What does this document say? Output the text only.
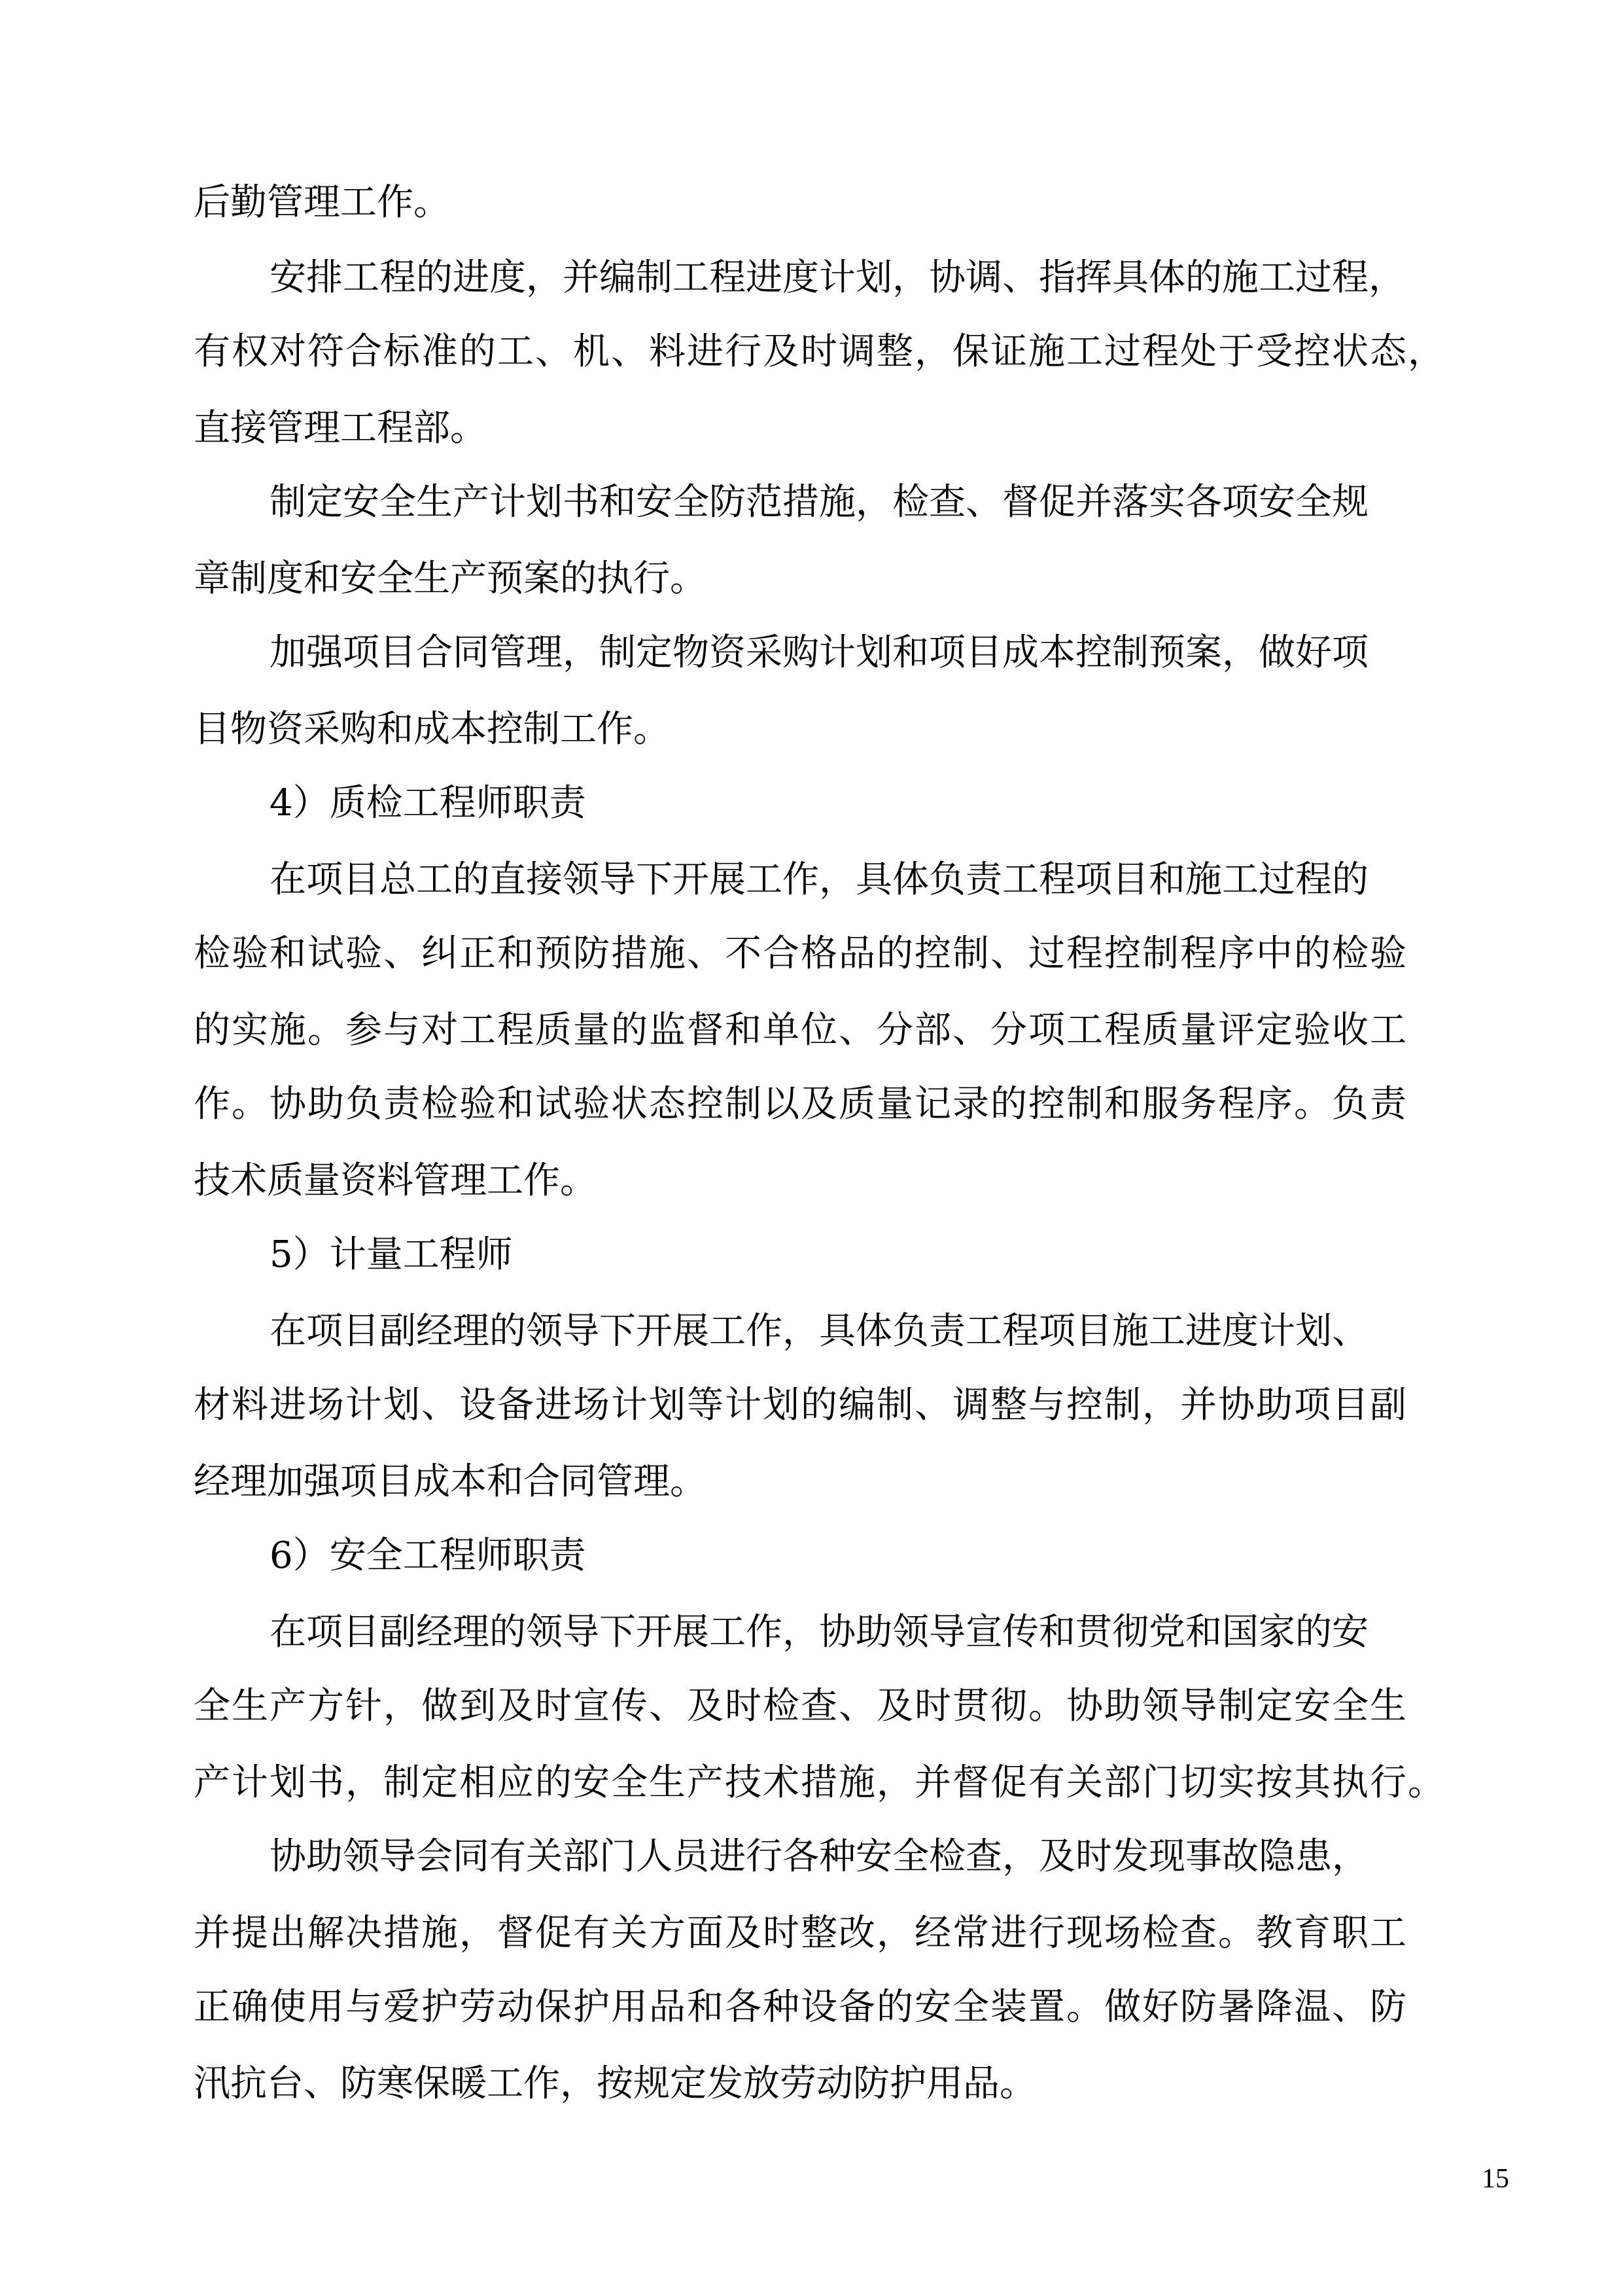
后勤管理工作。
安排工程的进度，并编制工程进度计划，协调、指挥具体的施工过程，
有权对符合标准的工、机、料进行及时调整，保证施工过程处于受控状态，
直接管理工程部。
制定安全生产计划书和安全防范措施，检查、督促并落实各项安全规
章制度和安全生产预案的执行。
加强项目合同管理，制定物资采购计划和项目成本控制预案，做好项
目物资采购和成本控制工作。
4）质检工程师职责
在项目总工的直接领导下开展工作，具体负责工程项目和施工过程的
检验和试验、纠正和预防措施、不合格品的控制、过程控制程序中的检验
的实施。参与对工程质量的监督和单位、分部、分项工程质量评定验收工
作。协助负责检验和试验状态控制以及质量记录的控制和服务程序。负责
技术质量资料管理工作。
5）计量工程师
在项目副经理的领导下开展工作，具体负责工程项目施工进度计划、
材料进场计划、设备进场计划等计划的编制、调整与控制，并协助项目副
经理加强项目成本和合同管理。
6）安全工程师职责
在项目副经理的领导下开展工作，协助领导宣传和贯彻党和国家的安
全生产方针，做到及时宣传、及时检查、及时贯彻。协助领导制定安全生
产计划书，制定相应的安全生产技术措施，并督促有关部门切实按其执行。
协助领导会同有关部门人员进行各种安全检查，及时发现事故隐患，
并提出解决措施，督促有关方面及时整改，经常进行现场检查。教育职工
正确使用与爱护劳动保护用品和各种设备的安全装置。做好防暑降温、防
汛抗台、防寒保暖工作，按规定发放劳动防护用品。
15
